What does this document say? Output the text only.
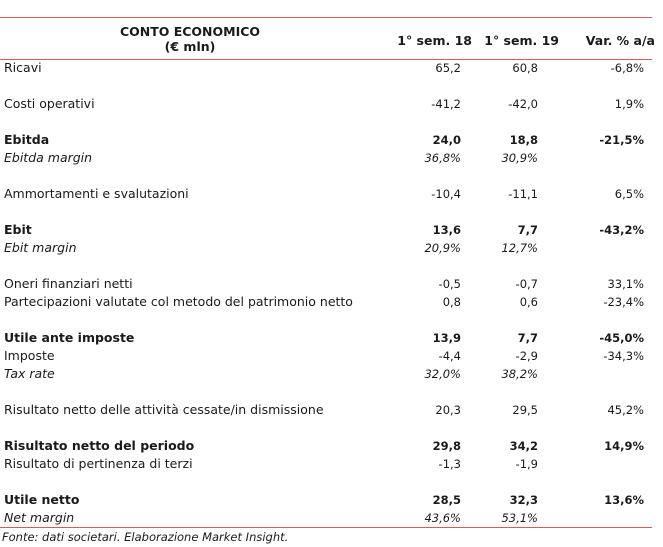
CONTO ECONOMICO
(€ mln)	1° sem. 18 1° sem. 19 Var. % a/a
Ricavi	65,2	60,8	-6,8%
Costi operativi	-41,2	-42,0	1,9%
Ebitda	24,0	18,8	-21,5%
Ebitda margin	36,8%	30,9%
Ammortamenti e svalutazioni	-10,4	-11,1	6,5%
Ebit	13,6	7,7	-43,2%
Ebit margin	20,9%	12,7%
Oneri finanziari netti	-0,5	-0,7	33,1%
Partecipazioni valutate col metodo del patrimonio netto	0,8	0,6	-23,4%
Utile ante imposte	13,9	7,7	-45,0%
Imposte	-4,4	-2,9	-34,3%
Tax rate	32,0%	38,2%
Risultato netto delle attività cessate/in dismissione	20,3	29,5	45,2%
Risultato netto del periodo	29,8	34,2	14,9%
Risultato di pertinenza di terzi	-1,3	-1,9
Utile netto	28,5	32,3	13,6%
Net margin	43,6%	53,1%
Fonte: dati societari. Elaborazione Market Insight.
